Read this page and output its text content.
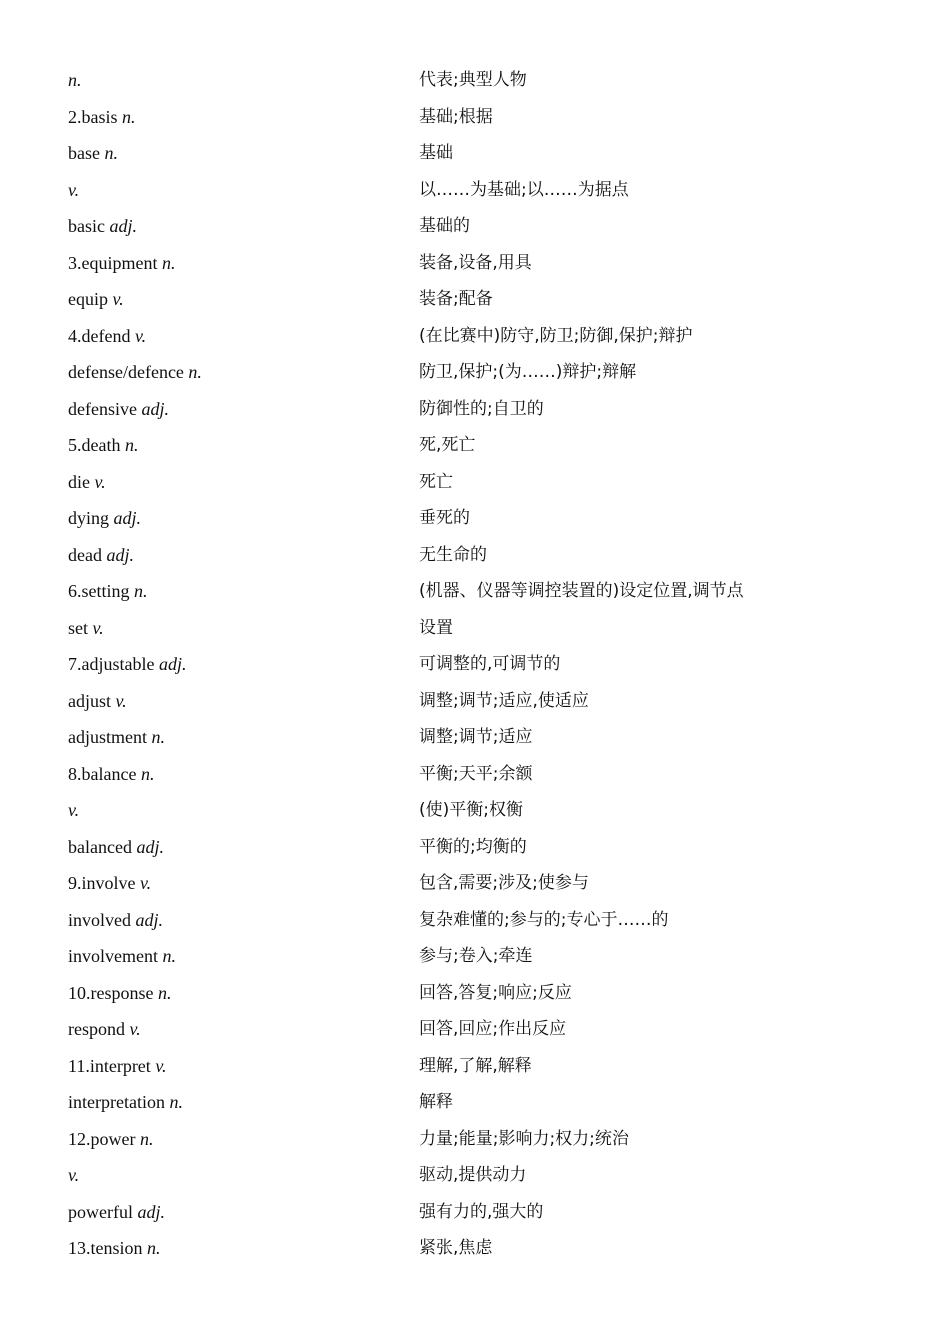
n.	代表;典型人物
2.basis n.	基础;根据
base n.	基础
v.	以……为基础;以……为据点
basic adj.	基础的
3.equipment n.	装备,设备,用具
equip v.	装备;配备
4.defend v.	(在比赛中)防守,防卫;防御,保护;辩护
defense/defence n.	防卫,保护;(为……)辩护;辩解
defensive adj.	防御性的;自卫的
5.death n.	死,死亡
die v.	死亡
dying adj.	垂死的
dead adj.	无生命的
6.setting n.	(机器、仪器等调控装置的)设定位置,调节点
set v.	设置
7.adjustable adj.	可调整的,可调节的
adjust v.	调整;调节;适应,使适应
adjustment n.	调整;调节;适应
8.balance n.	平衡;天平;余额
v.	(使)平衡;权衡
balanced adj.	平衡的;均衡的
9.involve v.	包含,需要;涉及;使参与
involved adj.	复杂难懂的;参与的;专心于……的
involvement n.	参与;卷入;牵连
10.response n.	回答,答复;响应;反应
respond v.	回答,回应;作出反应
11.interpret v.	理解,了解,解释
interpretation n.	解释
12.power n.	力量;能量;影响力;权力;统治
v.	驱动,提供动力
powerful adj.	强有力的,强大的
13.tension n.	紧张,焦虑
